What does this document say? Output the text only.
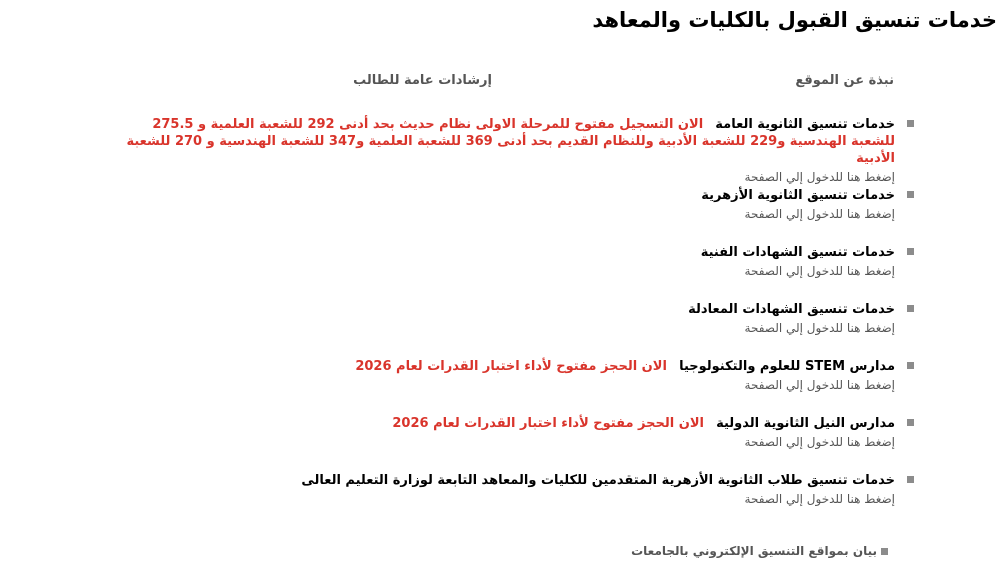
خدمات تنسيق القبول بالكليات والمعاهد
نبذة عن الموقع
إرشادات عامة للطالب
خدمات تنسيق الثانوية العامة الان التسجيل مفتوح للمرحلة الاولى نظام حديث بحد أدنى 292 للشعبة العلمية و 275.5 للشعبة الهندسية و229 للشعبة الأدبية وللنظام القديم بحد أدنى 369 للشعبة العلمية و347 للشعبة الهندسية و 270 للشعبة الأدبية
إضغط هنا للدخول إلي الصفحة
خدمات تنسيق الثانوية الأزهرية
إضغط هنا للدخول إلي الصفحة
خدمات تنسيق الشهادات الفنية
إضغط هنا للدخول إلي الصفحة
خدمات تنسيق الشهادات المعادلة
إضغط هنا للدخول إلي الصفحة
مدارس STEM للعلوم والتكنولوجيا الان الحجز مفتوح لأداء اختبار القدرات لعام 2026
إضغط هنا للدخول إلي الصفحة
مدارس النيل الثانوية الدولية الان الحجز مفتوح لأداء اختبار القدرات لعام 2026
إضغط هنا للدخول إلي الصفحة
خدمات تنسيق طلاب الثانوية الأزهرية المتقدمين للكليات والمعاهد التابعة لوزارة التعليم العالى
إضغط هنا للدخول إلي الصفحة
بيان بمواقع التنسيق الإلكتروني بالجامعات
